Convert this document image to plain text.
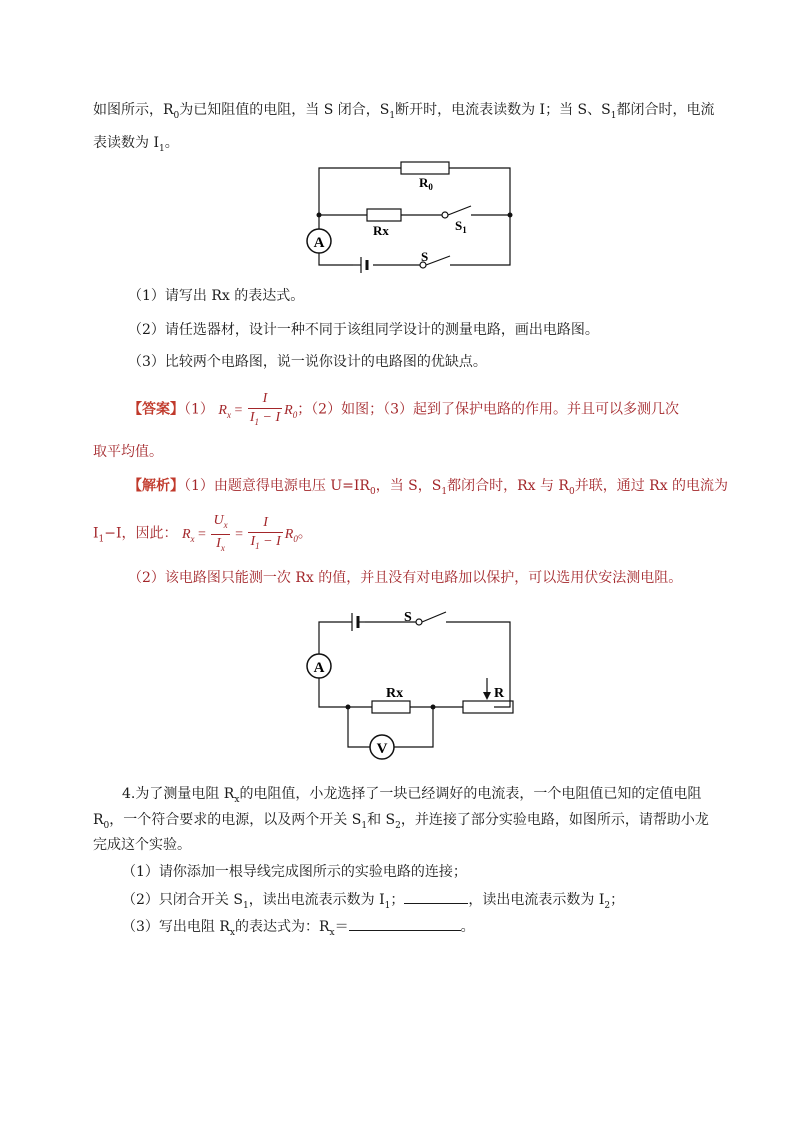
如图所示，$R_0$为已知阻值的电阻，当 S 闭合，$S_1$断开时，电流表读数为 I；当 S、$S_1$都闭合时，电流
表读数为 $I_1$。
A
$R_0$
Rx	$S_1$
S
（1）请写出 Rx 的表达式。
（2）请任选器材，设计一种不同于该组同学设计的测量电路，画出电路图。
（3）比较两个电路图，说一说你设计的电路图的优缺点。
【答案】（1） $R_x = \frac{I}{I_1 - I} R_0$；（2）如图；（3）起到了保护电路的作用。并且可以多测几次
取平均值。
【解析】（1）由题意得电源电压 $U=IR_0$，当 S，$S_1$都闭合时，Rx 与 $R_0$并联，通过 Rx 的电流为
$I_1-I$，因此： $R_x = \frac{U_x}{I_x} = \frac{I}{I_1 - I} R_0$。
（2）该电路图只能测一次 Rx 的值，并且没有对电路加以保护，可以选用伏安法测电阻。
A
V
S
Rx	R
4.为了测量电阻 $R_x$的电阻值，小龙选择了一块已经调好的电流表，一个电阻值已知的定值电阻
$R_0$，一个符合要求的电源，以及两个开关 $S_1$和 $S_2$，并连接了部分实验电路，如图所示，请帮助小龙
完成这个实验。
（1）请你添加一根导线完成图所示的实验电路的连接；
（2）只闭合开关 $S_1$，读出电流表示数为 $I_1$；	，读出电流表示数为 $I_2$；
（3）写出电阻 $R_x$的表达式为：$R_x=$	。
